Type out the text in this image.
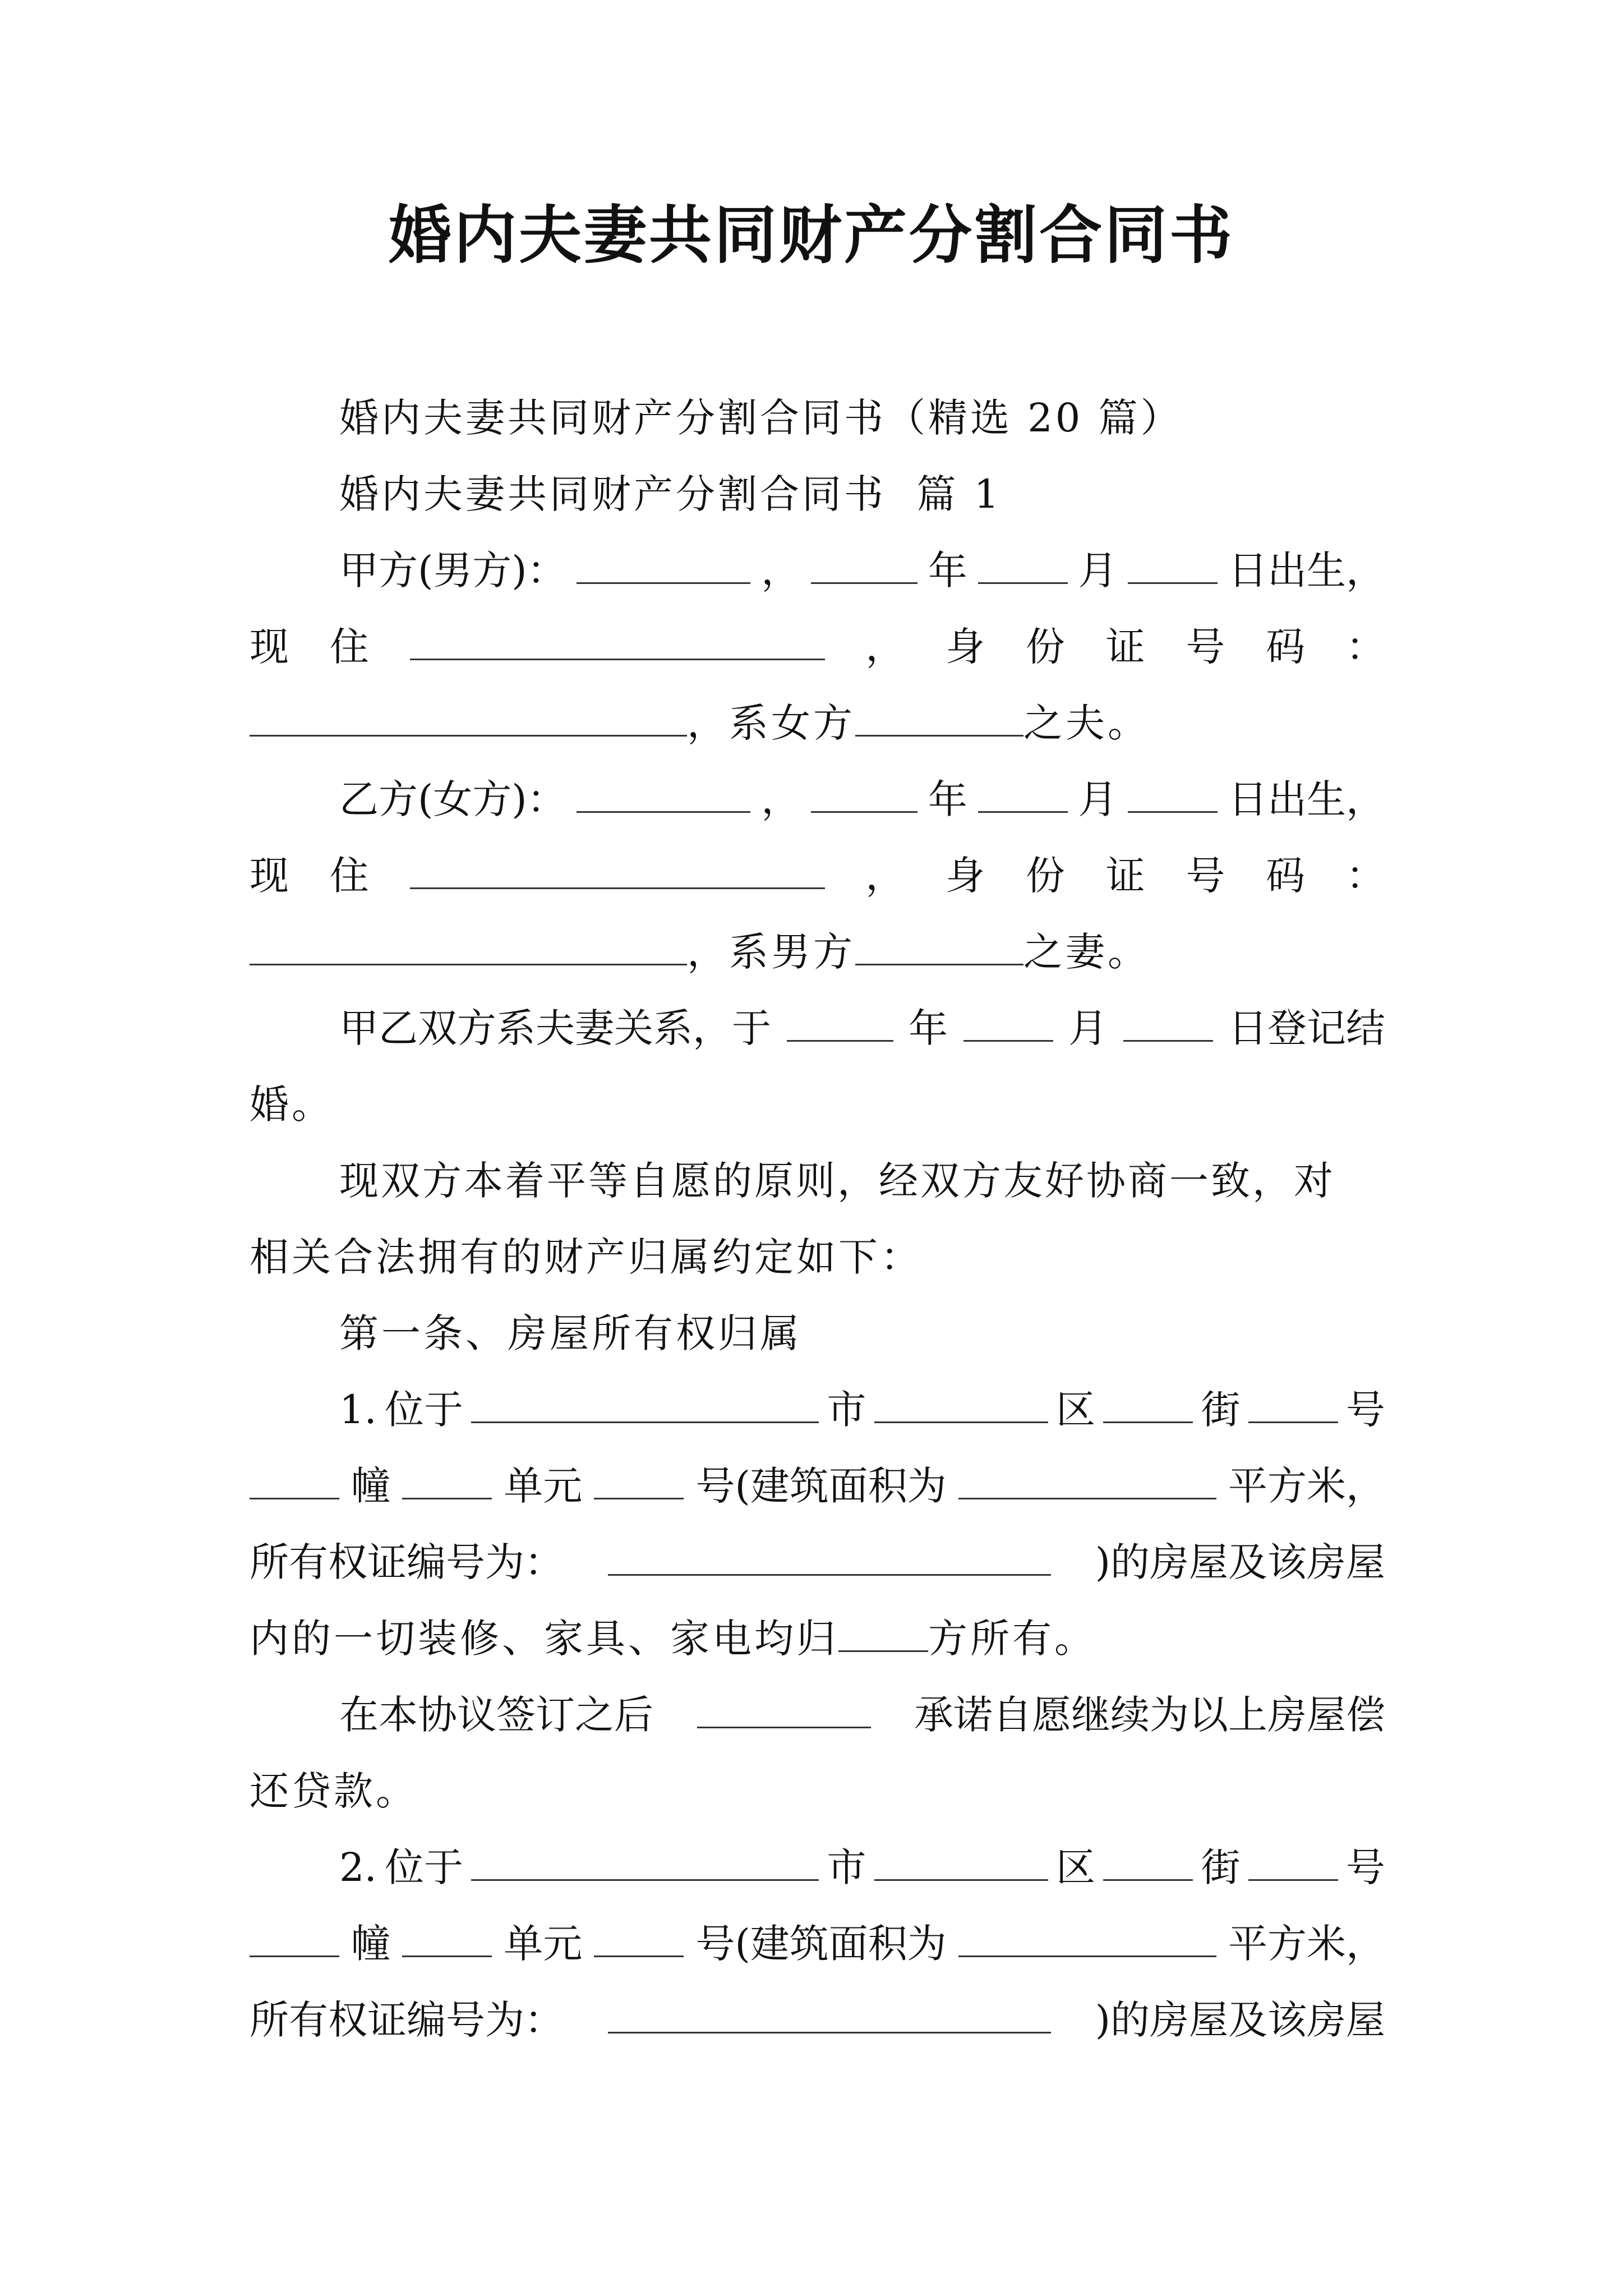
婚内夫妻共同财产分割合同书
婚内夫妻共同财产分割合同书（精选 20 篇）
婚内夫妻共同财产分割合同书  篇 1
甲方(男方)：	，	年	月	日出生，
现 住	， 身 份 证 号 码 ：
，系女方	之夫。
乙方(女方)：	，	年	月	日出生，
现 住	， 身 份 证 号 码 ：
，系男方	之妻。
甲乙双方系夫妻关系，于	年	月	日登记结
婚。
现双方本着平等自愿的原则，经双方友好协商一致，对
相关合法拥有的财产归属约定如下：
第一条、房屋所有权归属
1. 位于	市	区	街	号
幢	单元	号(建筑面积为	平方米，
所有权证编号为：	)的房屋及该房屋
内的一切装修、家具、家电均归 方所有。
在本协议签订之后	承诺自愿继续为以上房屋偿
还贷款。
2. 位于	市	区	街	号
幢	单元	号(建筑面积为	平方米，
所有权证编号为：	)的房屋及该房屋
